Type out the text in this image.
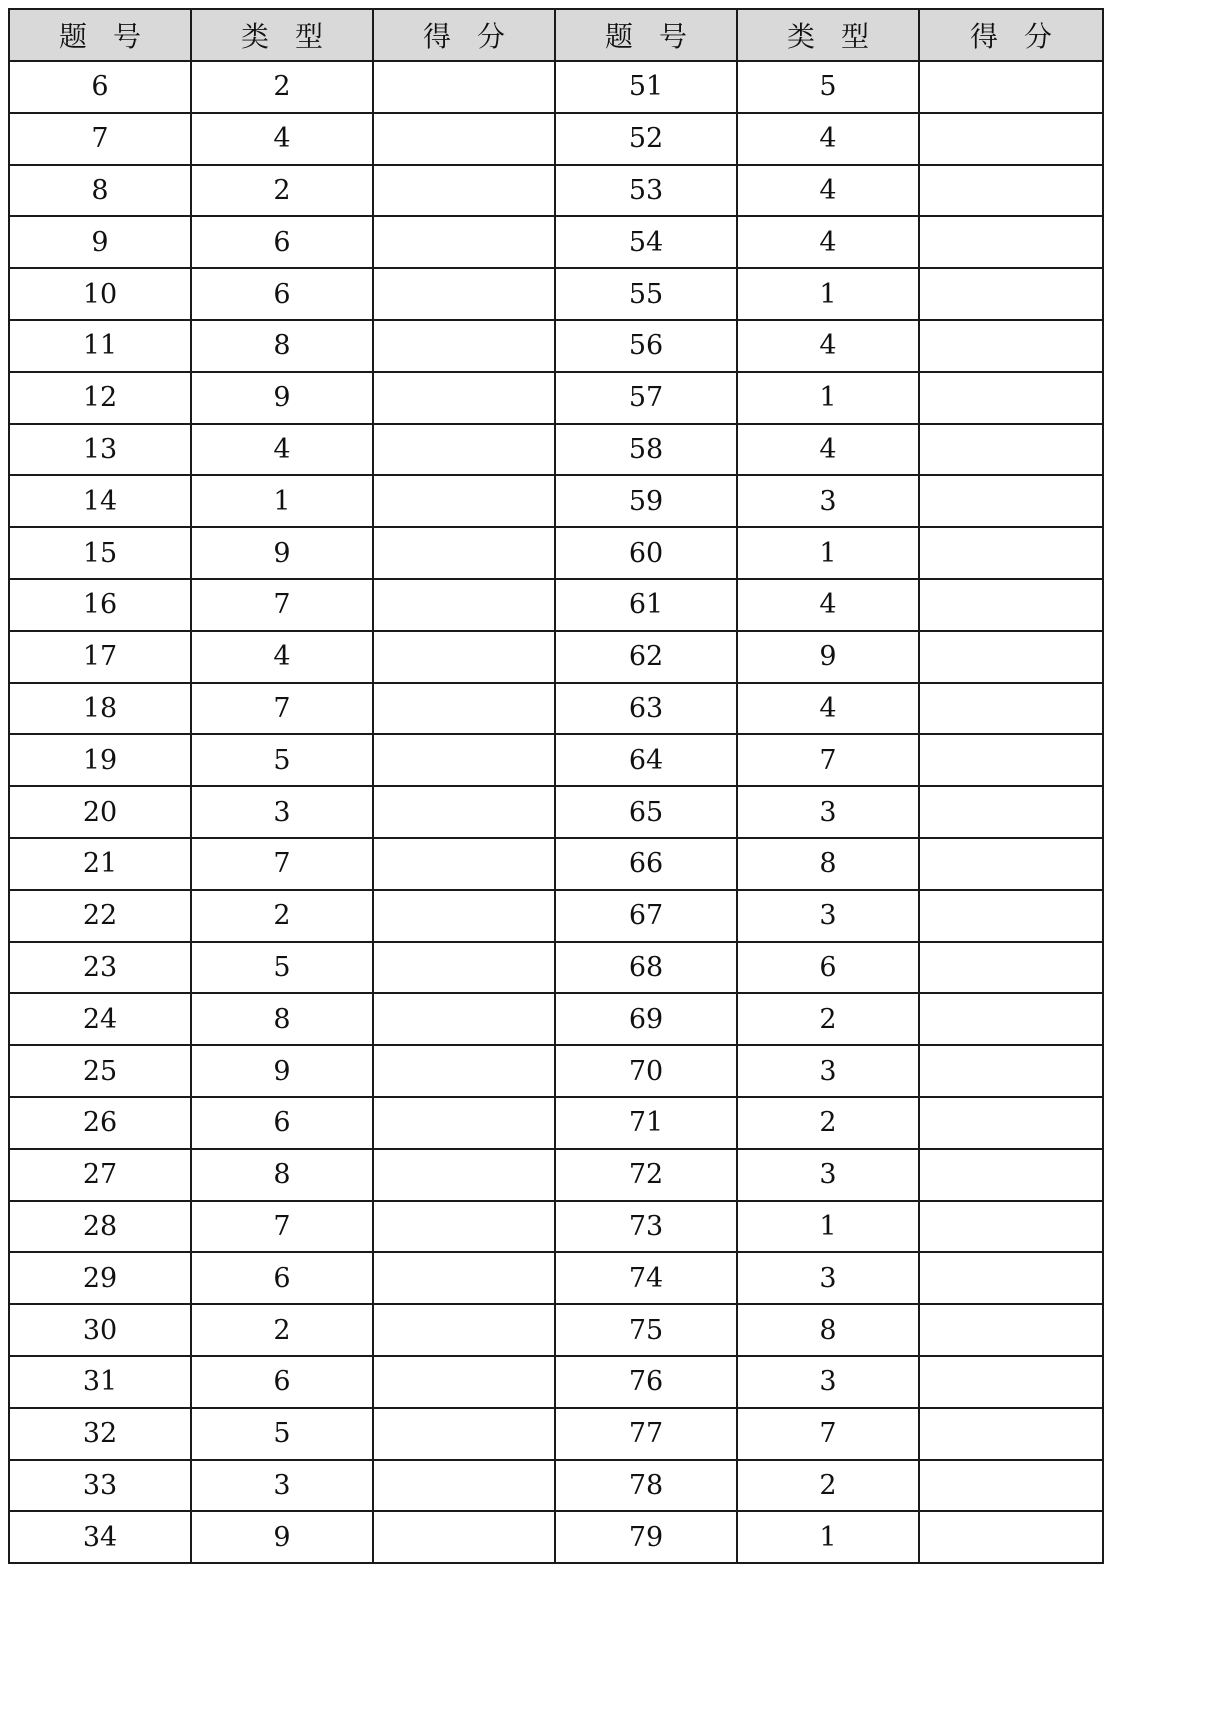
题号	类型	得分	题号	类型	得分
6	2		51	5	
7	4		52	4	
8	2		53	4	
9	6		54	4	
10	6		55	1	
11	8		56	4	
12	9		57	1	
13	4		58	4	
14	1		59	3	
15	9		60	1	
16	7		61	4	
17	4		62	9	
18	7		63	4	
19	5		64	7	
20	3		65	3	
21	7		66	8	
22	2		67	3	
23	5		68	6	
24	8		69	2	
25	9		70	3	
26	6		71	2	
27	8		72	3	
28	7		73	1	
29	6		74	3	
30	2		75	8	
31	6		76	3	
32	5		77	7	
33	3		78	2	
34	9		79	1	
